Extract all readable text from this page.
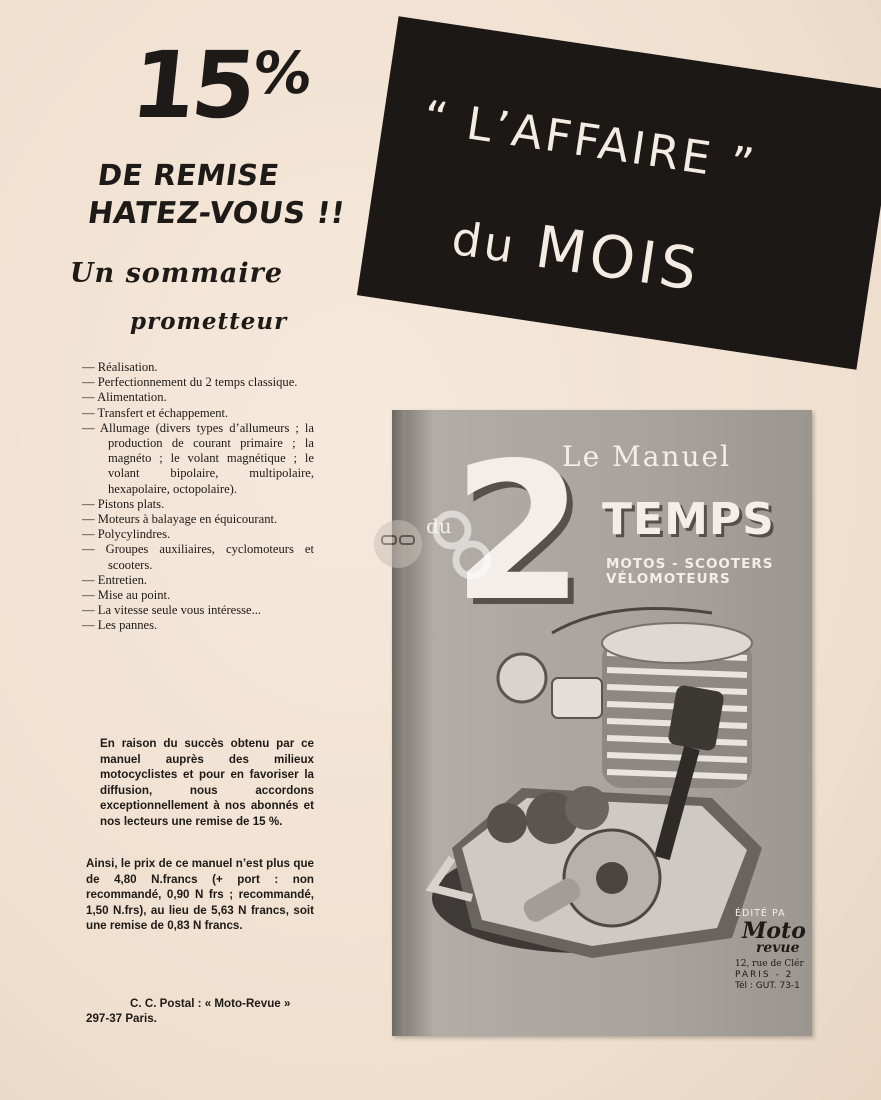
15%
DE REMISE
HATEZ-VOUS !!
Un sommaire
prometteur
— Réalisation.
— Perfectionnement du 2 temps classique.
— Alimentation.
— Transfert et échappement.
— Allumage (divers types d’allumeurs ; la production de courant primaire ; la magnéto ; le volant magnétique ; le volant bipolaire, multipolaire, hexapolaire, octopolaire).
— Pistons plats.
— Moteurs à balayage en équicourant.
— Polycylindres.
— Groupes auxiliaires, cyclomoteurs et scooters.
— Entretien.
— Mise au point.
— La vitesse seule vous intéresse...
— Les pannes.

En raison du succès obtenu par ce manuel auprès des milieux motocyclistes et pour en favoriser la diffusion, nous accordons exceptionnellement à nos abonnés et nos lecteurs une remise de 15 %.

Ainsi, le prix de ce manuel n’est plus que de 4,80 N.francs (+ port : non recommandé, 0,90 N frs ; recommandé, 1,50 N.frs), au lieu de 5,63 N francs, soit une remise de 0,83 N francs.

C. C. Postal : « Moto-Revue »
297-37 Paris.
“ L’AFFAIRE ”
du MOIS
2
Le Manuel
du	TEMPS
MOTOS - SCOOTERS
VÉLOMOTEURS
ÉDITÉ PA
Moto
revue
12, rue de Clér
PARIS - 2
Tél : GUT. 73-1
